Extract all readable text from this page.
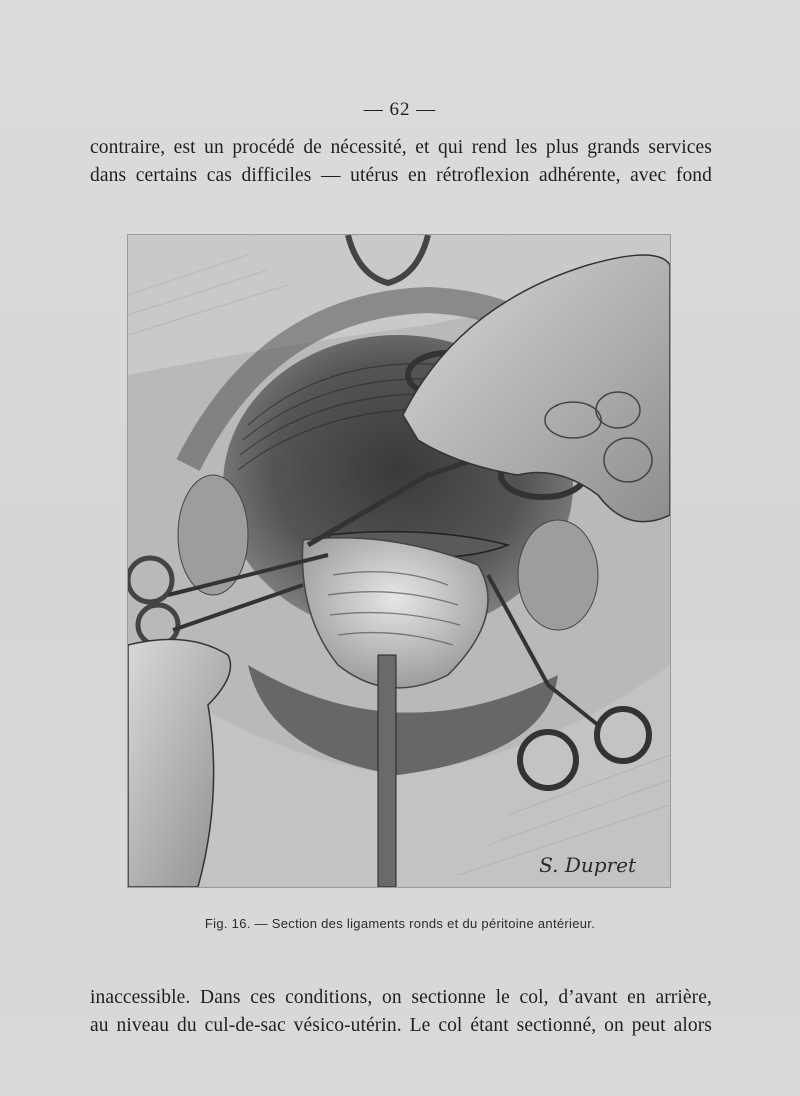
— 62 —
contraire, est un procédé de nécessité, et qui rend les plus grands services
dans certains cas difficiles — utérus en rétroflexion adhérente, avec fond
S. Dupret
Fig. 16. — Section des ligaments ronds et du péritoine antérieur.
inaccessible. Dans ces conditions, on sectionne le col, d’avant en arrière,
au niveau du cul-de-sac vésico-utérin. Le col étant sectionné, on peut alors
